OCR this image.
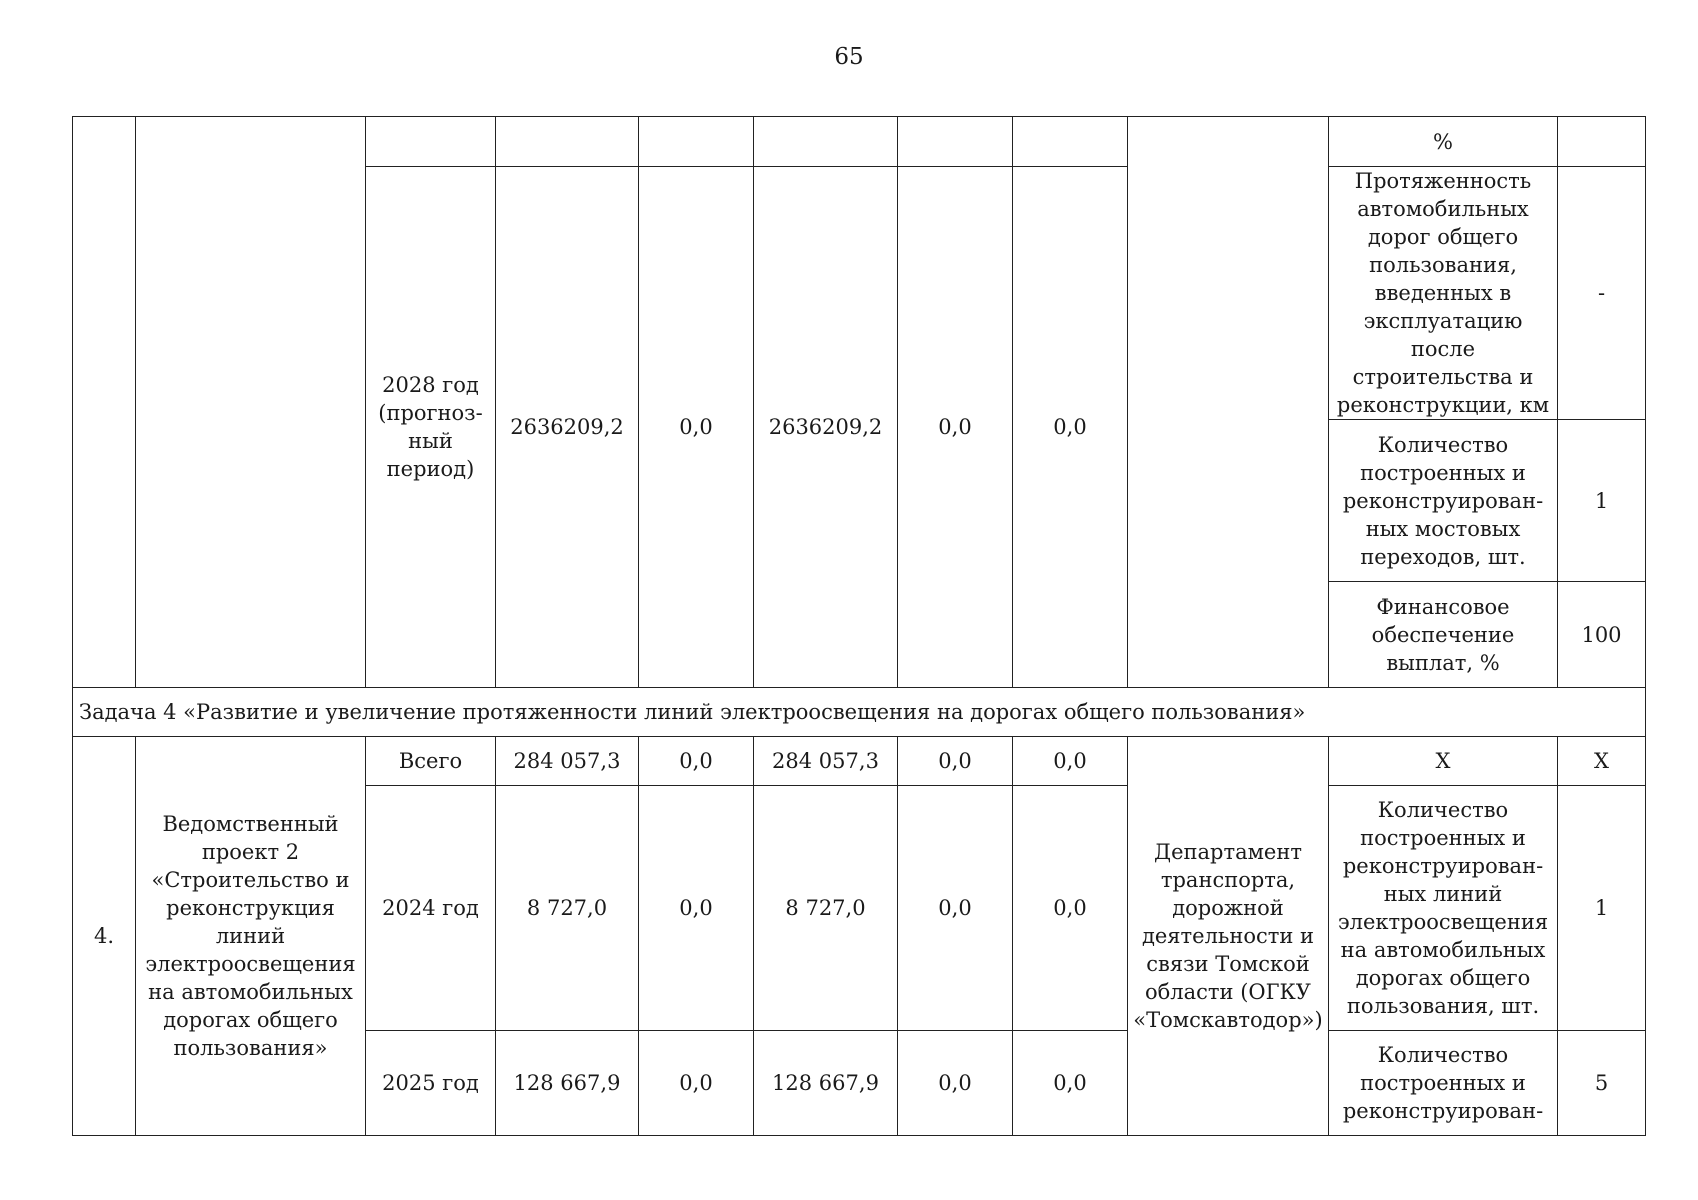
65
									%	
		2028 год (прогноз-ный период)	2636209,2	0,0	2636209,2	0,0	0,0		Протяженность автомобильных дорог общего пользования, введенных в эксплуатацию после строительства и реконструкции, км	-
									Количество построенных и реконструирован-ных мостовых переходов, шт.	1
									Финансовое обеспечение выплат, %	100
Задача 4 «Развитие и увеличение протяженности линий электроосвещения на дорогах общего пользования»										
4.	Ведомственный проект 2 «Строительство и реконструкция линий электроосвещения на автомобильных дорогах общего пользования»	Всего	284 057,3	0,0	284 057,3	0,0	0,0	Департамент транспорта, дорожной деятельности и связи Томской области (ОГКУ «Томскавтодор»)	Х	Х
		2024 год	8 727,0	0,0	8 727,0	0,0	0,0		Количество построенных и реконструирован-ных линий электроосвещения на автомобильных дорогах общего пользования, шт.	1
		2025 год	128 667,9	0,0	128 667,9	0,0	0,0		Количество построенных и реконструирован-	5
